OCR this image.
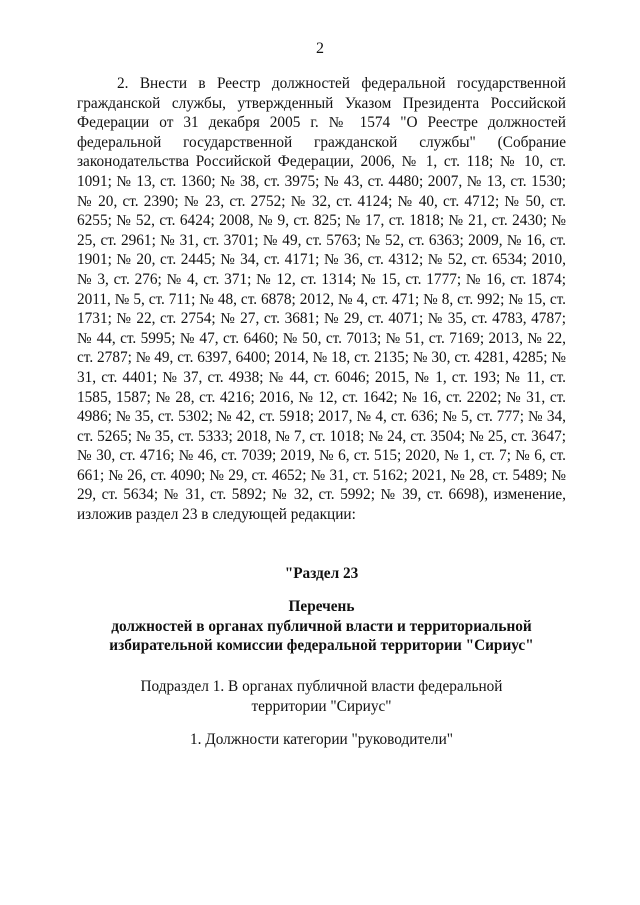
2

2. Внести в Реестр должностей федеральной государственной гражданской службы, утвержденный Указом Президента Российской Федерации от 31 декабря 2005 г. № 1574 "О Реестре должностей федеральной государственной гражданской службы" (Собрание законодательства Российской Федерации, 2006, № 1, ст. 118; № 10, ст. 1091; № 13, ст. 1360; № 38, ст. 3975; № 43, ст. 4480; 2007, № 13, ст. 1530; № 20, ст. 2390; № 23, ст. 2752; № 32, ст. 4124; № 40, ст. 4712; № 50, ст. 6255; № 52, ст. 6424; 2008, № 9, ст. 825; № 17, ст. 1818; № 21, ст. 2430; № 25, ст. 2961; № 31, ст. 3701; № 49, ст. 5763; № 52, ст. 6363; 2009, № 16, ст. 1901; № 20, ст. 2445; № 34, ст. 4171; № 36, ст. 4312; № 52, ст. 6534; 2010, № 3, ст. 276; № 4, ст. 371; № 12, ст. 1314; № 15, ст. 1777; № 16, ст. 1874; 2011, № 5, ст. 711; № 48, ст. 6878; 2012, № 4, ст. 471; № 8, ст. 992; № 15, ст. 1731; № 22, ст. 2754; № 27, ст. 3681; № 29, ст. 4071; № 35, ст. 4783, 4787; № 44, ст. 5995; № 47, ст. 6460; № 50, ст. 7013; № 51, ст. 7169; 2013, № 22, ст. 2787; № 49, ст. 6397, 6400; 2014, № 18, ст. 2135; № 30, ст. 4281, 4285; № 31, ст. 4401; № 37, ст. 4938; № 44, ст. 6046; 2015, № 1, ст. 193; № 11, ст. 1585, 1587; № 28, ст. 4216; 2016, № 12, ст. 1642; № 16, ст. 2202; № 31, ст. 4986; № 35, ст. 5302; № 42, ст. 5918; 2017, № 4, ст. 636; № 5, ст. 777; № 34, ст. 5265; № 35, ст. 5333; 2018, № 7, ст. 1018; № 24, ст. 3504; № 25, ст. 3647; № 30, ст. 4716; № 46, ст. 7039; 2019, № 6, ст. 515; 2020, № 1, ст. 7; № 6, ст. 661; № 26, ст. 4090; № 29, ст. 4652; № 31, ст. 5162; 2021, № 28, ст. 5489; № 29, ст. 5634; № 31, ст. 5892; № 32, ст. 5992; № 39, ст. 6698), изменение, изложив раздел 23 в следующей редакции:

"Раздел 23

Перечень

должностей в органах публичной власти и территориальной

избирательной комиссии федеральной территории "Сириус"

Подраздел 1. В органах публичной власти федеральной

территории "Сириус"

1. Должности категории "руководители"
